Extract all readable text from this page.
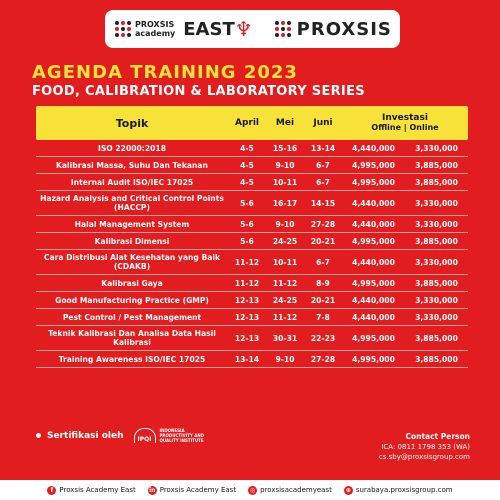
PROXSIS
academy EAST ♆ PROXSIS
AGENDA TRAINING 2023
FOOD, CALIBRATION & LABORATORY SERIES
Topik	April	Mei	Juni	Investasi
Offline | Online
ISO 22000:2018	4-5	15-16	13-14	4,440,000	3,330,000
Kalibrasi Massa, Suhu Dan Tekanan	4-5	9-10	6-7	4,995,000	3,885,000
Internal Audit ISO/IEC 17025	4-5	10-11	6-7	4,995,000	3,885,000
Hazard Analysis and Critical Control Points (HACCP)	5-6	16-17	14-15	4,440,000	3,330,000
Halal Management System	5-6	9-10	27-28	4,440,000	3,330,000
Kalibrasi Dimensi	5-6	24-25	20-21	4,995,000	3,885,000
Cara Distribusi Alat Kesehatan yang Baik (CDAKB)	11-12	10-11	6-7	4,440,000	3,330,000
Kalibrasi Gaya	11-12	11-12	8-9	4,995,000	3,885,000
Good Manufacturing Practice (GMP)	12-13	24-25	20-21	4,440,000	3,330,000
Pest Control / Pest Management	12-13	11-12	7-8	4,440,000	3,330,000
Teknik Kalibrasi Dan Analisa Data Hasil Kalibrasi	12-13	30-31	22-23	4,995,000	3,885,000
Training Awareness ISO/IEC 17025	13-14	9-10	27-28	4,995,000	3,885,000
Sertifikasi oleh	IPQI
INDONESIA PRODUCTIVITY AND QUALITY INSTITUTE	Contact Person
ICA: 0811 1798 353 (WA)
cs.sby@proxsisgroup.com
f Proxsis Academy East in Proxsis Academy East	◎ proxsisacademyeast	⊕ surabaya.proxsisgroup.com
